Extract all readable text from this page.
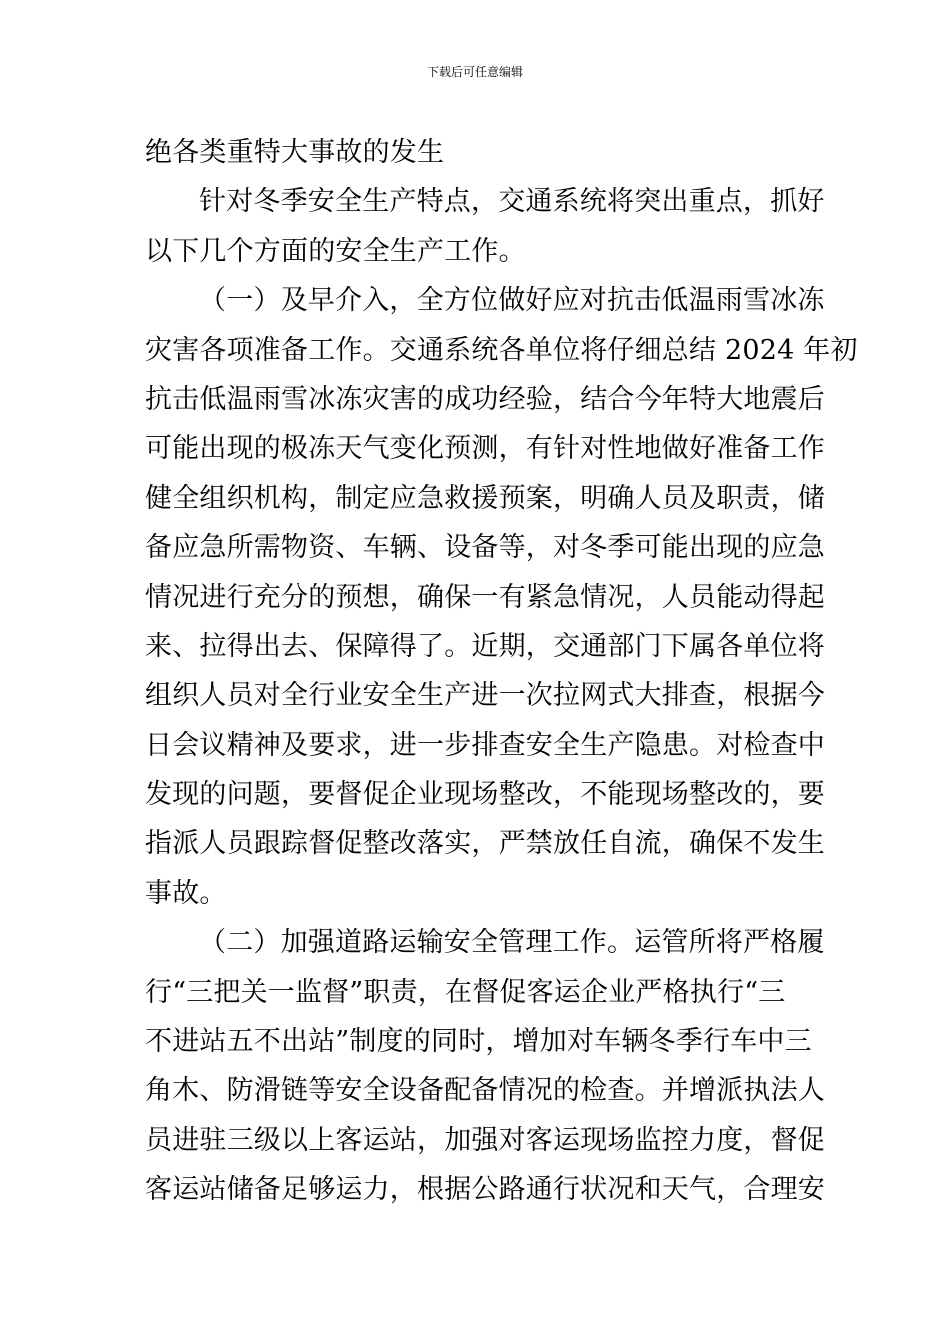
下载后可任意编辑
绝各类重特大事故的发生
针对冬季安全生产特点，交通系统将突出重点，抓好
以下几个方面的安全生产工作。
（一）及早介入，全方位做好应对抗击低温雨雪冰冻
灾害各项准备工作。交通系统各单位将仔细总结 2024 年初
抗击低温雨雪冰冻灾害的成功经验，结合今年特大地震后
可能出现的极冻天气变化预测，有针对性地做好准备工作
健全组织机构，制定应急救援预案，明确人员及职责，储
备应急所需物资、车辆、设备等，对冬季可能出现的应急
情况进行充分的预想，确保一有紧急情况，人员能动得起
来、拉得出去、保障得了。近期，交通部门下属各单位将
组织人员对全行业安全生产进一次拉网式大排查，根据今
日会议精神及要求，进一步排查安全生产隐患。对检查中
发现的问题，要督促企业现场整改，不能现场整改的，要
指派人员跟踪督促整改落实，严禁放任自流，确保不发生
事故。
（二）加强道路运输安全管理工作。运管所将严格履
行“三把关一监督”职责，在督促客运企业严格执行“三
不进站五不出站”制度的同时，增加对车辆冬季行车中三
角木、防滑链等安全设备配备情况的检查。并增派执法人
员进驻三级以上客运站，加强对客运现场监控力度，督促
客运站储备足够运力，根据公路通行状况和天气，合理安
